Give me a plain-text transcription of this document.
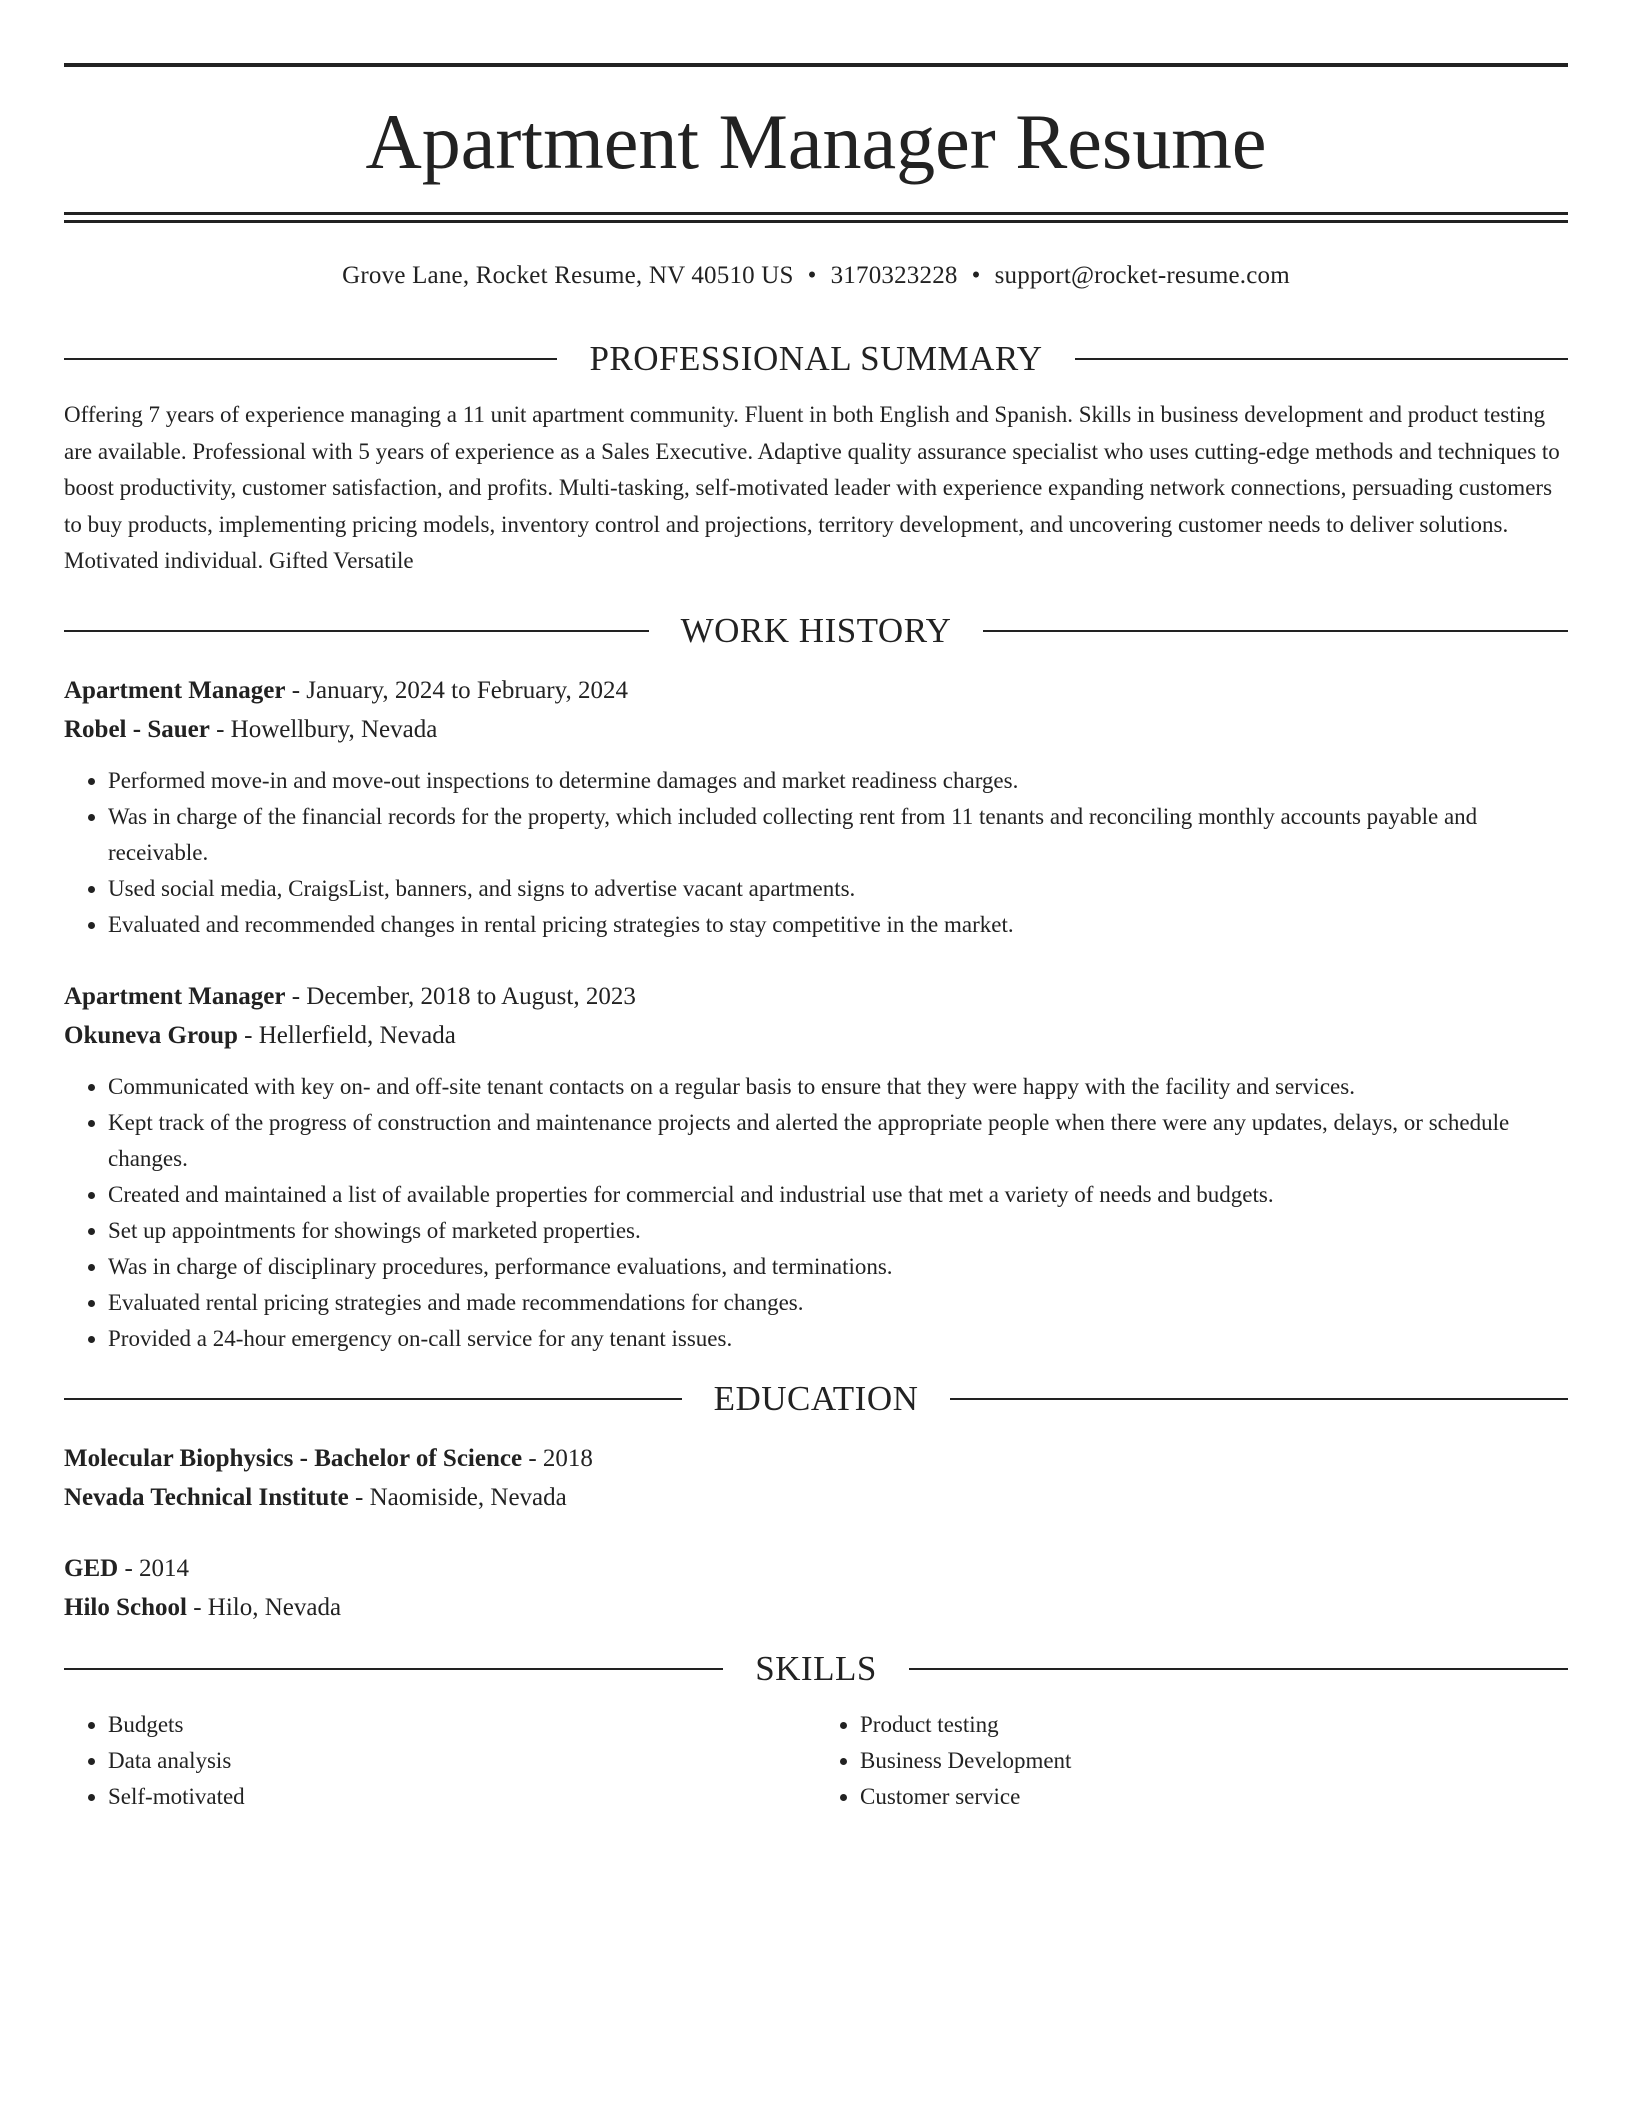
Apartment Manager Resume
Grove Lane, Rocket Resume, NV 40510 US • 3170323228 • support@rocket-resume.com
PROFESSIONAL SUMMARY
Offering 7 years of experience managing a 11 unit apartment community. Fluent in both English and Spanish. Skills in business development and product testing are available. Professional with 5 years of experience as a Sales Executive. Adaptive quality assurance specialist who uses cutting-edge methods and techniques to boost productivity, customer satisfaction, and profits. Multi-tasking, self-motivated leader with experience expanding network connections, persuading customers to buy products, implementing pricing models, inventory control and projections, territory development, and uncovering customer needs to deliver solutions. Motivated individual. Gifted Versatile
WORK HISTORY
Apartment Manager - January, 2024 to February, 2024
Robel - Sauer - Howellbury, Nevada
• Performed move-in and move-out inspections to determine damages and market readiness charges.
• Was in charge of the financial records for the property, which included collecting rent from 11 tenants and reconciling monthly accounts payable and receivable.
• Used social media, CraigsList, banners, and signs to advertise vacant apartments.
• Evaluated and recommended changes in rental pricing strategies to stay competitive in the market.
Apartment Manager - December, 2018 to August, 2023
Okuneva Group - Hellerfield, Nevada
• Communicated with key on- and off-site tenant contacts on a regular basis to ensure that they were happy with the facility and services.
• Kept track of the progress of construction and maintenance projects and alerted the appropriate people when there were any updates, delays, or schedule changes.
• Created and maintained a list of available properties for commercial and industrial use that met a variety of needs and budgets.
• Set up appointments for showings of marketed properties.
• Was in charge of disciplinary procedures, performance evaluations, and terminations.
• Evaluated rental pricing strategies and made recommendations for changes.
• Provided a 24-hour emergency on-call service for any tenant issues.
EDUCATION
Molecular Biophysics - Bachelor of Science - 2018
Nevada Technical Institute - Naomiside, Nevada
GED - 2014
Hilo School - Hilo, Nevada
SKILLS
• Budgets
• Data analysis
• Self-motivated
• Product testing
• Business Development
• Customer service
